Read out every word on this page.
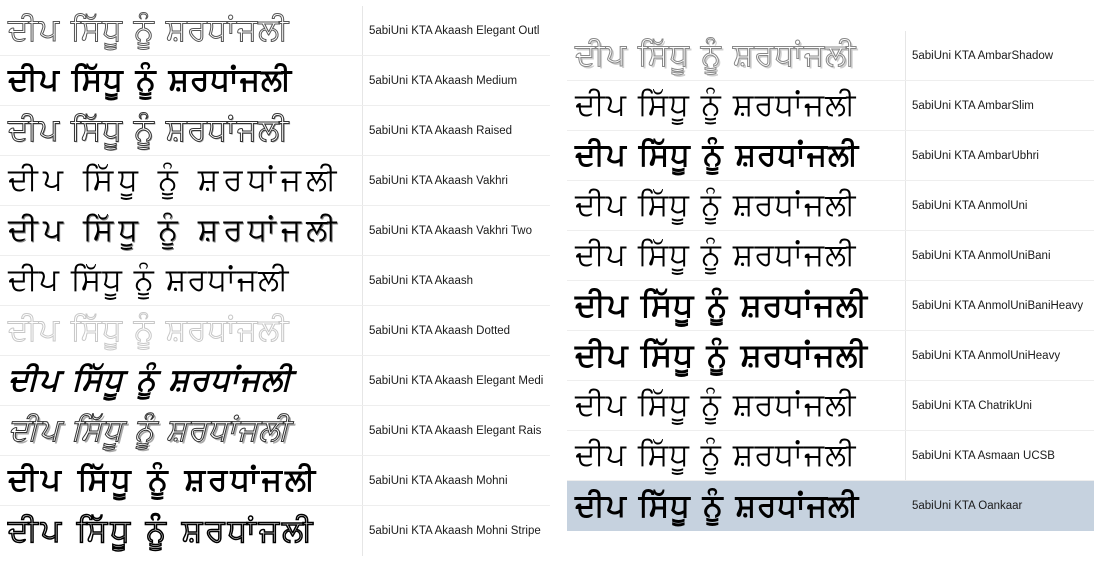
ਦੀਪ ਸਿੱਧੂ ਨੂੰ ਸ਼ਰਧਾਂਜਲੀ	5abiUni KTA Akaash Elegant Outl
ਦੀਪ ਸਿੱਧੂ ਨੂੰ ਸ਼ਰਧਾਂਜਲੀ	5abiUni KTA Akaash Medium
ਦੀਪ ਸਿੱਧੂ ਨੂੰ ਸ਼ਰਧਾਂਜਲੀ	5abiUni KTA Akaash Raised
ਦੀਪ ਸਿੱਧੂ ਨੂੰ ਸ਼ਰਧਾਂਜਲੀ	5abiUni KTA Akaash Vakhri
ਦੀਪ ਸਿੱਧੂ ਨੂੰ ਸ਼ਰਧਾਂਜਲੀ	5abiUni KTA Akaash Vakhri Two
ਦੀਪ ਸਿੱਧੂ ਨੂੰ ਸ਼ਰਧਾਂਜਲੀ	5abiUni KTA Akaash
ਦੀਪ ਸਿੱਧੂ ਨੂੰ ਸ਼ਰਧਾਂਜਲੀ	5abiUni KTA Akaash Dotted
ਦੀਪ ਸਿੱਧੂ ਨੂੰ ਸ਼ਰਧਾਂਜਲੀ	5abiUni KTA Akaash Elegant Medi
ਦੀਪ ਸਿੱਧੂ ਨੂੰ ਸ਼ਰਧਾਂਜਲੀ	5abiUni KTA Akaash Elegant Rais
ਦੀਪ ਸਿੱਧੂ ਨੂੰ ਸ਼ਰਧਾਂਜਲੀ	5abiUni KTA Akaash Mohni
ਦੀਪ ਸਿੱਧੂ ਨੂੰ ਸ਼ਰਧਾਂਜਲੀ	5abiUni KTA Akaash Mohni Stripe
ਦੀਪ ਸਿੱਧੂ ਨੂੰ ਸ਼ਰਧਾਂਜਲੀ	5abiUni KTA AmbarShadow
ਦੀਪ ਸਿੱਧੂ ਨੂੰ ਸ਼ਰਧਾਂਜਲੀ	5abiUni KTA AmbarSlim
ਦੀਪ ਸਿੱਧੂ ਨੂੰ ਸ਼ਰਧਾਂਜਲੀ	5abiUni KTA AmbarUbhri
ਦੀਪ ਸਿੱਧੂ ਨੂੰ ਸ਼ਰਧਾਂਜਲੀ	5abiUni KTA AnmolUni
ਦੀਪ ਸਿੱਧੂ ਨੂੰ ਸ਼ਰਧਾਂਜਲੀ	5abiUni KTA AnmolUniBani
ਦੀਪ ਸਿੱਧੂ ਨੂੰ ਸ਼ਰਧਾਂਜਲੀ	5abiUni KTA AnmolUniBaniHeavy
ਦੀਪ ਸਿੱਧੂ ਨੂੰ ਸ਼ਰਧਾਂਜਲੀ	5abiUni KTA AnmolUniHeavy
ਦੀਪ ਸਿੱਧੂ ਨੂੰ ਸ਼ਰਧਾਂਜਲੀ	5abiUni KTA ChatrikUni
ਦੀਪ ਸਿੱਧੂ ਨੂੰ ਸ਼ਰਧਾਂਜਲੀ	5abiUni KTA Asmaan UCSB
ਦੀਪ ਸਿੱਧੂ ਨੂੰ ਸ਼ਰਧਾਂਜਲੀ	5abiUni KTA Oankaar
